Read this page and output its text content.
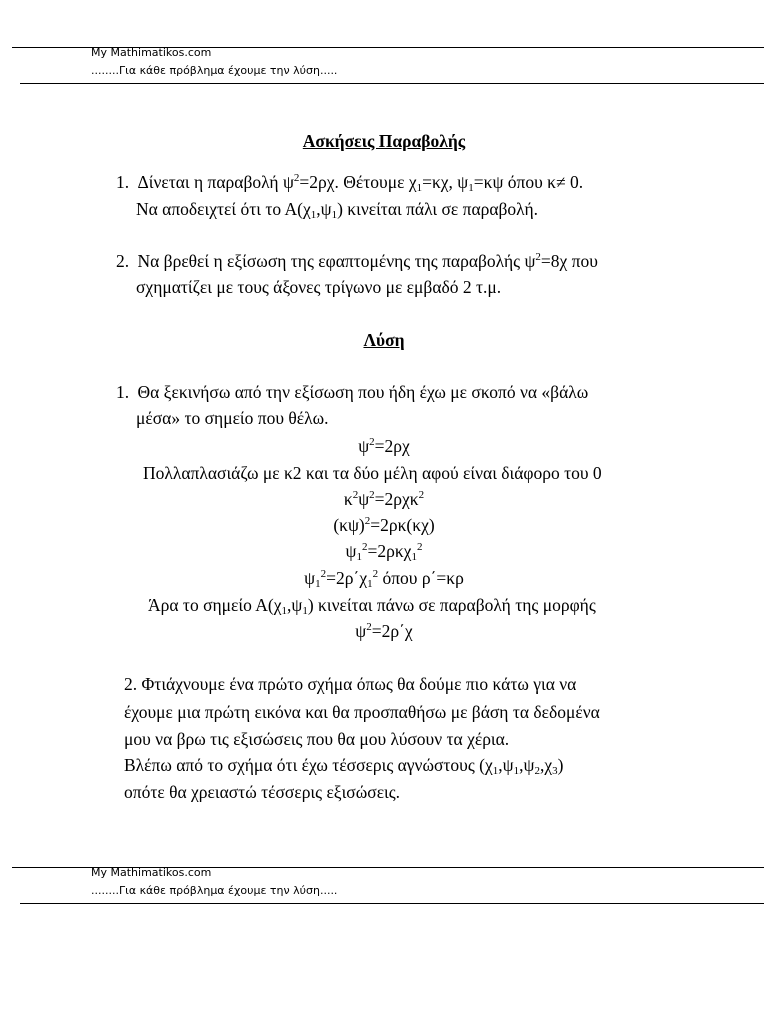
My Mathimatikos.com
........Για κάθε πρόβλημα έχουμε την λύση.....
Ασκήσεις Παραβολής
1. Δίνεται η παραβολή $\psi^2=2\rho\chi$. Θέτουμε $\chi_1=\kappa\chi$, $\psi_1=\kappa\psi$ όπου κ≠ 0.
Να αποδειχτεί ότι το $A(\chi_1,\psi_1)$ κινείται πάλι σε παραβολή.
2. Να βρεθεί η εξίσωση της εφαπτομένης της παραβολής $\psi^2=8\chi$ που
σχηματίζει με τους άξονες τρίγωνο με εμβαδό 2 τ.μ.
Λύση
1. Θα ξεκινήσω από την εξίσωση που ήδη έχω με σκοπό να «βάλω
μέσα» το σημείο που θέλω.
$\psi^2=2\rho\chi$
Πολλαπλασιάζω με κ2 και τα δύο μέλη αφού είναι διάφορο του 0
$\kappa^2\psi^2=2\rho\chi\kappa^2$
$(\kappa\psi)^2=2\rho\kappa(\kappa\chi)$
$\psi_1^2=2\rho\kappa\chi_1^2$
$\psi_1^2=2\rho΄\chi_1^2$ όπου ρ΄=κρ
Άρα το σημείο $A(\chi_1,\psi_1)$ κινείται πάνω σε παραβολή της μορφής
$\psi^2=2\rho΄\chi$
2. Φτιάχνουμε ένα πρώτο σχήμα όπως θα δούμε πιο κάτω για να
έχουμε μια πρώτη εικόνα και θα προσπαθήσω με βάση τα δεδομένα
μου να βρω τις εξισώσεις που θα μου λύσουν τα χέρια.
Βλέπω από το σχήμα ότι έχω τέσσερις αγνώστους $(\chi_1,\psi_1,\psi_2,\chi_3)$
οπότε θα χρειαστώ τέσσερις εξισώσεις.
My Mathimatikos.com
........Για κάθε πρόβλημα έχουμε την λύση.....
